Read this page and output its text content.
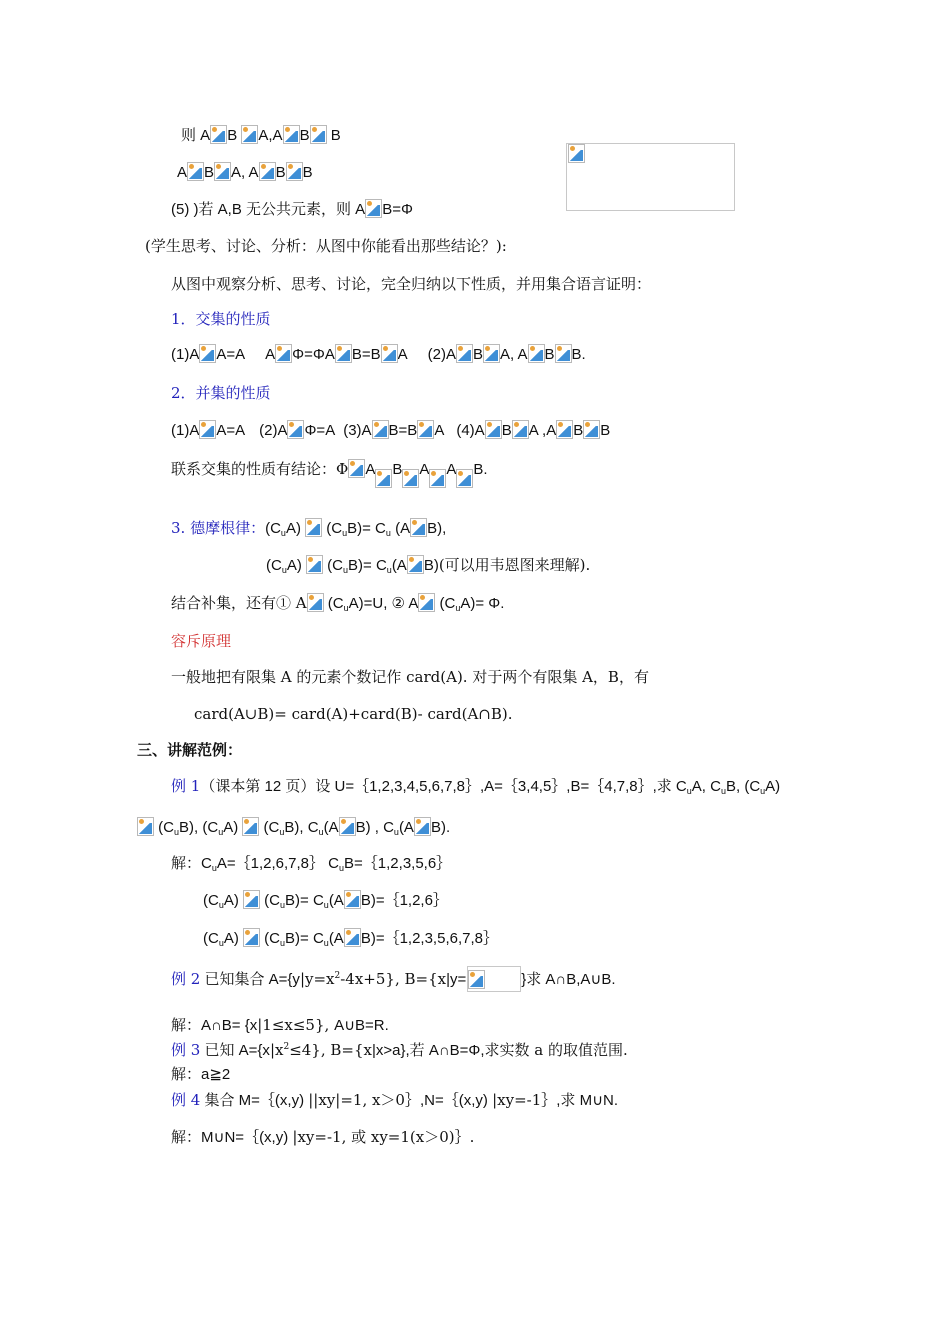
则 A B A,A B B
A B A, A B B
(5) )若 A,B 无公共元素，则 A B=Φ
(学生思考、讨论、分析：从图中你能看出那些结论？):
从图中观察分析、思考、讨论，完全归纳以下性质，并用集合语言证明：
1．交集的性质
(1)A A=A A Φ=ΦA B=B A (2)A B A, A B B.
2．并集的性质
(1)A A=A (2)A Φ=A (3)A B=B A (4)A B A ,A B B
联系交集的性质有结论：Φ A B A A B.
3. 德摩根律：$(C_uA)$  $(C_uB)= C_u$ (A B),
$(C_uA)$  $(C_uB)= C_u(A$ B)(可以用韦恩图来理解).
结合补集，还有① A $(C_uA)=U$, ② A $(C_uA)= \Phi$.
容斥原理
一般地把有限集 A 的元素个数记作 card(A). 对于两个有限集 A，B，有
card(A∪B)= card(A)+card(B)- card(A∩B).
三、讲解范例：
例 1（课本第 12 页）设 U=｛1,2,3,4,5,6,7,8｝,A=｛3,4,5｝,B=｛4,7,8｝,求 $C_uA$, $C_uB$, $(C_uA)$
$(C_uB)$, $(C_uA)$  $(C_uB)$, $C_u(A$ B) , $C_u(A$ B).
解：$C_uA=\{1,2,6,7,8\}$ $C_uB=\{1,2,3,5,6\}$
$(C_uA)$  $(C_uB)= C_u(A$ B)=｛1,2,6｝
$(C_uA)$  $(C_uB)= C_u(A$ B)=｛1,2,3,5,6,7,8｝
例 2 已知集合 $A=\{y|y=x^2-4x+5\}$, B={x|y=	}求 A∩B,A∪B.
解：A∩B= {x|1≤x≤5}, A∪B=R.
例 3 已知 $A=\{x|x^2\le 4\}$, B={x|x>a},若 A∩B=Φ,求实数 a 的取值范围.
解：a≧2
例 4 集合 M=｛(x,y) ||xy|=1, x＞0｝,N=｛(x,y) |xy=-1｝,求 M∪N.
解：M∪N=｛(x,y) |xy=-1, 或 xy=1(x＞0)｝.
